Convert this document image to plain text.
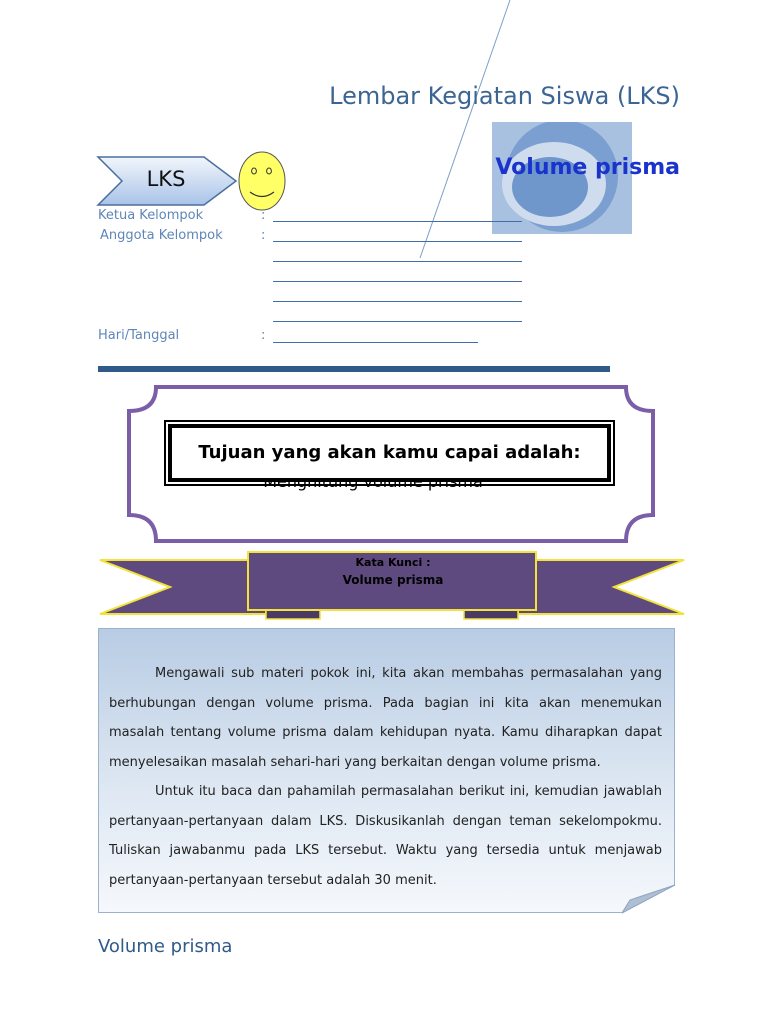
Lembar Kegiatan Siswa (LKS)
Volume prisma
LKS
Ketua Kelompok	:
Anggota Kelompok	:
Hari/Tanggal	:
Tujuan yang akan kamu capai adalah:
Kata Kunci :
Volume prisma

Mengawali sub materi pokok ini, kita akan membahas permasalahan yang berhubungan dengan volume prisma. Pada bagian ini kita akan menemukan masalah tentang volume prisma dalam kehidupan nyata. Kamu diharapkan dapat menyelesaikan masalah sehari-hari yang berkaitan dengan volume prisma.

Untuk itu baca dan pahamilah permasalahan berikut ini, kemudian jawablah pertanyaan-pertanyaan dalam LKS. Diskusikanlah dengan teman sekelompokmu. Tuliskan jawabanmu pada LKS tersebut. Waktu yang tersedia untuk menjawab pertanyaan-pertanyaan tersebut adalah 30 menit.

Volume prisma
